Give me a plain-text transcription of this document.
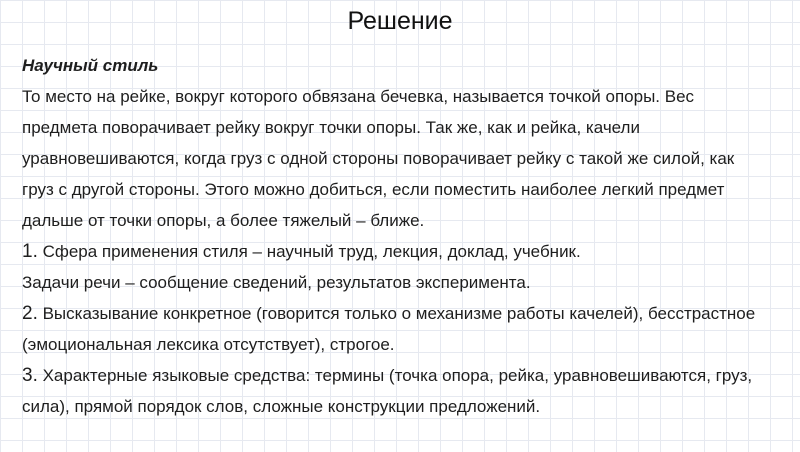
Решение
Научный стиль
То место на рейке, вокруг которого обвязана бечевка, называется точкой опоры. Вес
предмета поворачивает рейку вокруг точки опоры. Так же, как и рейка, качели
уравновешиваются, когда груз с одной стороны поворачивает рейку с такой же силой, как
груз с другой стороны. Этого можно добиться, если поместить наиболее легкий предмет
дальше от точки опоры, а более тяжелый – ближе.
1. Сфера применения стиля – научный труд, лекция, доклад, учебник.
Задачи речи – сообщение сведений, результатов эксперимента.
2. Высказывание конкретное (говорится только о механизме работы качелей), бесстрастное
(эмоциональная лексика отсутствует), строгое.
3. Характерные языковые средства: термины (точка опора, рейка, уравновешиваются, груз,
сила), прямой порядок слов, сложные конструкции предложений.
